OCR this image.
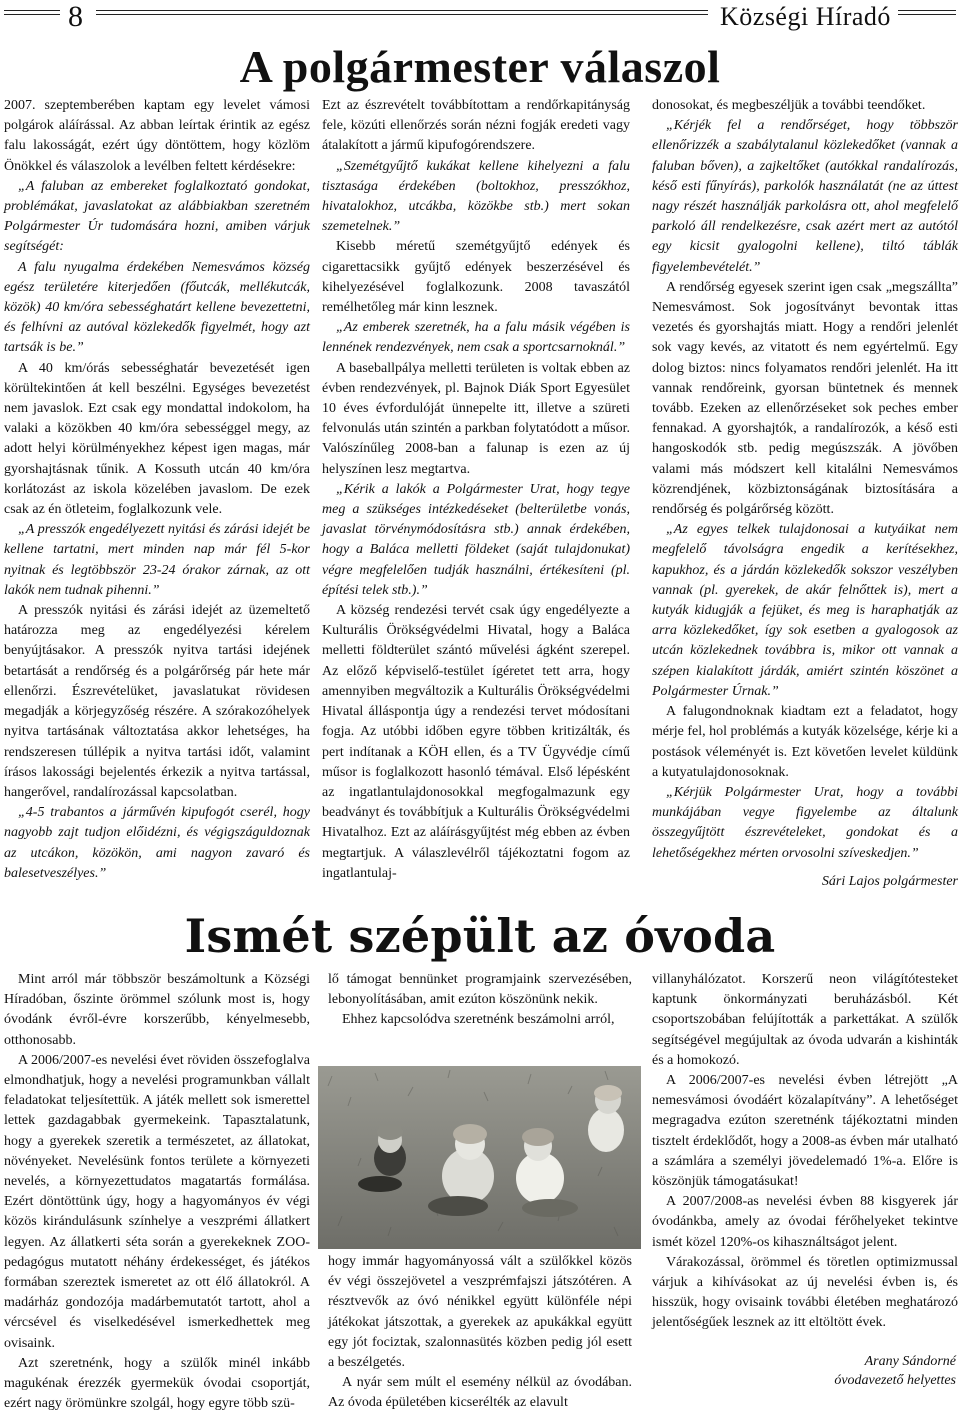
8	Községi Híradó
A polgármester válaszol

2007. szeptemberében kaptam egy levelet vámosi polgárok aláírással. Az abban leírtak érintik az egész falu lakosságát, ezért úgy döntöttem, hogy közlöm Önökkel és válaszolok a levélben feltett kérdésekre:

„A faluban az embereket foglalkoztató gondokat, problémákat, javaslatokat az alábbiakban szeretném Polgármester Úr tudomására hozni, amiben várjuk segítségét:

A falu nyugalma érdekében Nemesvámos község egész területére kiterjedően (főutcák, mellékutcák, közök) 40 km/óra sebességhatárt kellene bevezettetni, és felhívni az autóval közlekedők figyelmét, hogy azt tartsák is be.”

A 40 km/órás sebességhatár bevezetését igen körültekintően át kell beszélni. Egységes bevezetést nem javaslok. Ezt csak egy mondattal indokolom, ha valaki a közökben 40 km/óra sebességgel megy, az adott helyi körülményekhez képest igen magas, már gyorshajtásnak tűnik. A Kossuth utcán 40 km/óra korlátozást az iskola közelében javaslom. De ezek csak az én ötleteim, foglalkozunk vele.

„A presszók engedélyezett nyitási és zárási idejét be kellene tartatni, mert minden nap már fél 5-kor nyitnak és legtöbbször 23-24 órakor zárnak, az ott lakók nem tudnak pihenni.”

A presszók nyitási és zárási idejét az üzemeltető határozza meg az engedélyezési kérelem benyújtásakor. A presszók nyitva tartási idejének betartását a rendőrség és a polgárőrség pár hete már ellenőrzi. Észrevételüket, javaslatukat rövidesen megadják a körjegyzőség részére. A szórakozóhelyek nyitva tartásának változtatása akkor lehetséges, ha rendszeresen túllépik a nyitva tartási időt, valamint írásos lakossági bejelentés érkezik a nyitva tartással, hangerővel, randalírozással kapcsolatban.

„4-5 trabantos a járművén kipufogót cserél, hogy nagyobb zajt tudjon előidézni, és végigszáguldoznak az utcákon, közökön, ami nagyon zavaró és balesetveszélyes.”

Ezt az észrevételt továbbítottam a rendőrkapitányság fele, közúti ellenőrzés során nézni fogják eredeti vagy átalakított a jármű kipufogórendszere.

„Szemétgyűjtő kukákat kellene kihelyezni a falu tisztasága érdekében (boltokhoz, presszókhoz, hivatalokhoz, utcákba, közökbe stb.) mert sokan szemetelnek.”

Kisebb méretű szemétgyűjtő edények és cigarettacsikk gyűjtő edények beszerzésével és kihelyezésével foglalkozunk. 2008 tavaszától remélhetőleg már kinn lesznek.

„Az emberek szeretnék, ha a falu másik végében is lennének rendezvények, nem csak a sportcsarnoknál.”

A baseballpálya melletti területen is voltak ebben az évben rendezvények, pl. Bajnok Diák Sport Egyesület 10 éves évfordulóját ünnepelte itt, illetve a szüreti felvonulás után szintén a parkban folytatódott a műsor. Valószínűleg 2008-ban a falunap is ezen az új helyszínen lesz megtartva.

„Kérik a lakók a Polgármester Urat, hogy tegye meg a szükséges intézkedéseket (belterületbe vonás, javaslat törvénymódosításra stb.) annak érdekében, hogy a Baláca melletti földeket (saját tulajdonukat) végre megfelelően tudják használni, értékesíteni (pl. építési telek stb.).”

A község rendezési tervét csak úgy engedélyezte a Kulturális Örökségvédelmi Hivatal, hogy a Baláca melletti földterület szántó művelési ágként szerepel. Az előző képviselő-testület ígéretet tett arra, hogy amennyiben megváltozik a Kulturális Örökségvédelmi Hivatal álláspontja úgy a rendezési tervet módosítani fogja. Az utóbbi időben egyre többen kritizálták, és pert indítanak a KÖH ellen, és a TV Ügyvédje című műsor is foglalkozott hasonló témával. Első lépésként az ingatlantulajdonosokkal megfogalmazunk egy beadványt és továbbítjuk a Kulturális Örökségvédelmi Hivatalhoz. Ezt az aláírásgyűjtést még ebben az évben megtartjuk. A válaszlevélről tájékoztatni fogom az ingatlantulaj-

donosokat, és megbeszéljük a további teendőket.

„Kérjék fel a rendőrséget, hogy többször ellenőrizzék a szabálytalanul közlekedőket (vannak a faluban bőven), a zajkeltőket (autókkal randalírozás, késő esti fűnyírás), parkolók használatát (ne az úttest nagy részét használják parkolásra ott, ahol megfelelő parkoló áll rendelkezésre, csak azért mert az autótól egy kicsit gyalogolni kellene), tiltó táblák figyelembevételét.”

A rendőrség egyesek szerint igen csak „megszállta” Nemesvámost. Sok jogosítványt bevontak ittas vezetés és gyorshajtás miatt. Hogy a rendőri jelenlét sok vagy kevés, az vitatott és nem egyértelmű. Egy dolog biztos: nincs folyamatos rendőri jelenlét. Ha itt vannak rendőreink, gyorsan büntetnek és mennek tovább. Ezeken az ellenőrzéseket sok peches ember fennakad. A gyorshajtók, a randalírozók, a késő esti hangoskodók stb. pedig megúszszák. A jövőben valami más módszert kell kitalálni Nemesvámos közrendjének, közbiztonságának biztosítására a rendőrség és polgárőrség között.

„Az egyes telkek tulajdonosai a kutyáikat nem megfelelő távolságra engedik a kerítésekhez, kapukhoz, és a járdán közlekedők sokszor veszélyben vannak (pl. gyerekek, de akár felnőttek is), mert a kutyák kidugják a fejüket, és meg is haraphatják az arra közlekedőket, így sok esetben a gyalogosok az utcán közlekednek továbbra is, mikor ott vannak a szépen kialakított járdák, amiért szintén köszönet a Polgármester Úrnak.”

A falugondnoknak kiadtam ezt a feladatot, hogy mérje fel, hol problémás a kutyák közelsége, kérje ki a postások véleményét is. Ezt követően levelet küldünk a kutyatulajdonosoknak.

„Kérjük Polgármester Urat, hogy a további munkájában vegye figyelembe az általunk összegyűjtött észrevételeket, gondokat és a lehetőségekhez mérten orvosolni szíveskedjen.”

Sári Lajos polgármester
Ismét szépült az óvoda

Mint arról már többször beszámoltunk a Községi Híradóban, őszinte örömmel szólunk most is, hogy óvodánk évről-évre korszerűbb, kényelmesebb, otthonosabb.

A 2006/2007-es nevelési évet röviden összefoglalva elmondhatjuk, hogy a nevelési programunkban vállalt feladatokat teljesítettük. A játék mellett sok ismerettel lettek gazdagabbak gyermekeink. Tapasztalatunk, hogy a gyerekek szeretik a természetet, az állatokat, növényeket. Nevelésünk fontos területe a környezeti nevelés, a környezettudatos magatartás formálása. Ezért döntöttünk úgy, hogy a hagyományos év végi közös kirándulásunk színhelye a veszprémi állatkert legyen. Az állatkerti séta során a gyerekeknek ZOO-pedagógus mutatott néhány érdekességet, és játékos formában szereztek ismeretet az ott élő állatokról. A madárház gondozója madárbemutatót tartott, ahol a vércsével és viselkedésével ismerkedhettek meg ovisaink.

Azt szeretnénk, hogy a szülők minél inkább magukénak érezzék gyermekük óvodai csoportját, ezért nagy örömünkre szolgál, hogy egyre több szü-

lő támogat bennünket programjaink szervezésében, lebonyolításában, amit ezúton köszönünk nekik.

Ehhez kapcsolódva szeretnénk beszámolni arról,

hogy immár hagyományossá vált a szülőkkel közös év végi összejövetel a veszprémfajszi játszótéren. A résztvevők az óvó nénikkel együtt különféle népi játékokat játszottak, a gyerekek az apukákkal együtt egy jót fociztak, szalonnasütés közben pedig jól esett a beszélgetés.

A nyár sem múlt el esemény nélkül az óvodában. Az óvoda épületében kicserélték az elavult

villanyhálózatot. Korszerű neon világítótesteket kaptunk önkormányzati beruházásból. Két csoportszobában felújították a parkettákat. A szülők segítségével megújultak az óvoda udvarán a kishinták és a homokozó.

A 2006/2007-es nevelési évben létrejött „A nemesvámosi óvodáért közalapítvány”. A lehetőséget megragadva ezúton szeretnénk tájékoztatni minden tisztelt érdeklődőt, hogy a 2008-as évben már utalható a számlára a személyi jövedelemadó 1%-a. Előre is köszönjük támogatásukat!

A 2007/2008-as nevelési évben 88 kisgyerek jár óvodánkba, amely az óvodai férőhelyeket tekintve ismét közel 120%-os kihasználtságot jelent.

Várakozással, örömmel és töretlen optimizmussal várjuk a kihívásokat az új nevelési évben is, és hisszük, hogy ovisaink további életében meghatározó jelentőségűek lesznek az itt eltöltött évek.

Arany Sándorné
óvodavezető helyettes
